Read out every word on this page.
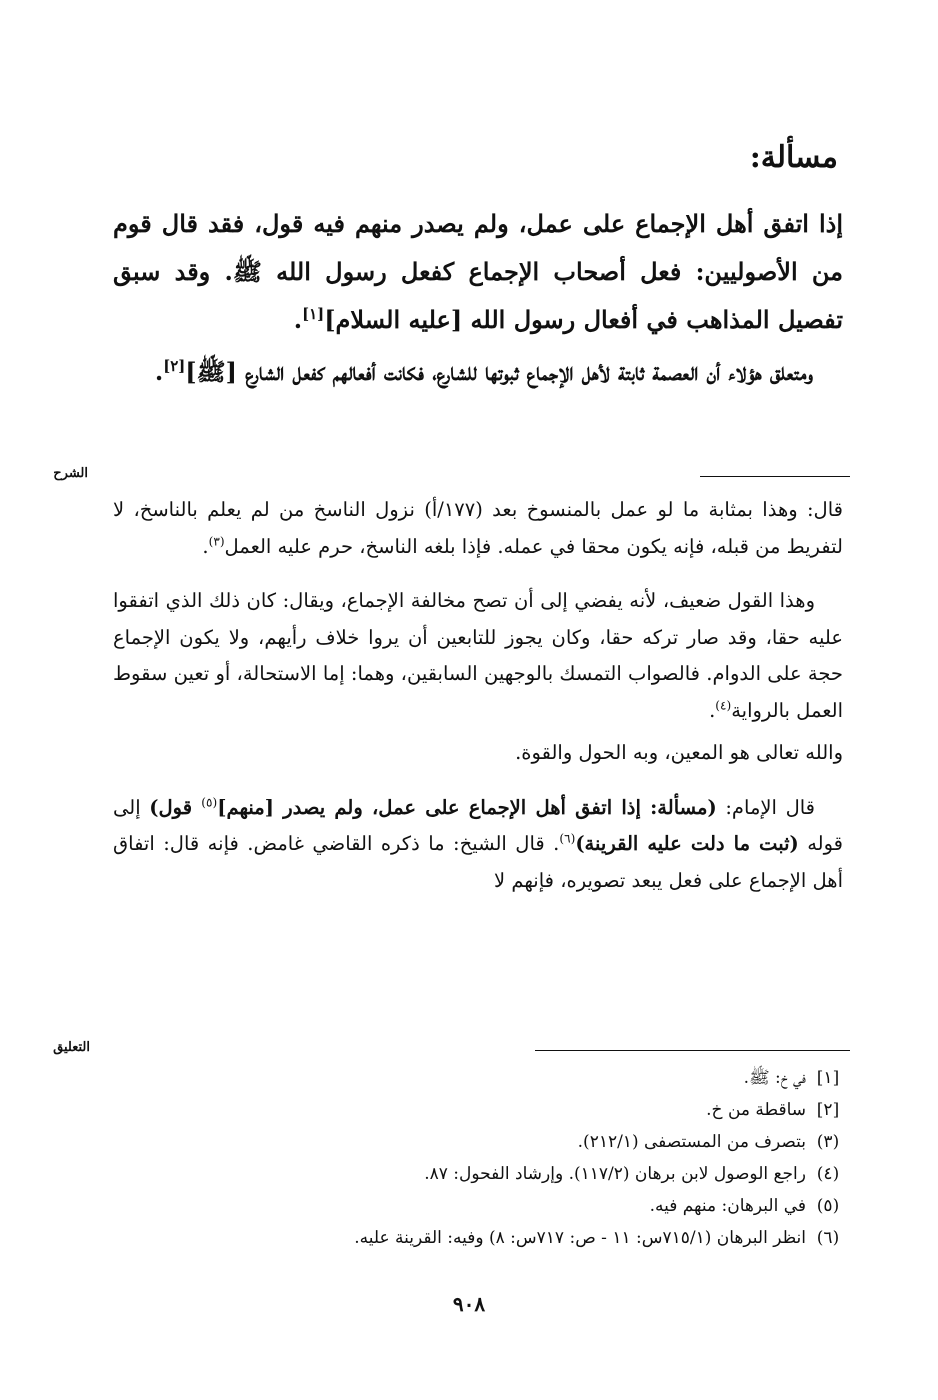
مسألة:

إذا اتفق أهل الإجماع على عمل، ولم يصدر منهم فيه قول، فقد قال قوم من الأصوليين: فعل أصحاب الإجماع كفعل رسول الله ﷺ. وقد سبق تفصيل المذاهب في أفعال رسول الله [عليه السلام][١].

ومتعلق هؤلاء أن العصمة ثابتة لأهل الإجماع ثبوتها للشارع، فكانت أفعالهم كفعل الشارع [ﷺ][٢].

الشرح

قال: وهذا بمثابة ما لو عمل بالمنسوخ بعد (١٧٧/أ) نزول الناسخ من لم يعلم بالناسخ، لا لتفريط من قبله، فإنه يكون محقا في عمله. فإذا بلغه الناسخ، حرم عليه العمل$^{(٣)}$.

وهذا القول ضعيف، لأنه يفضي إلى أن تصح مخالفة الإجماع، ويقال: كان ذلك الذي اتفقوا عليه حقا، وقد صار تركه حقا، وكان يجوز للتابعين أن يروا خلاف رأيهم، ولا يكون الإجماع حجة على الدوام. فالصواب التمسك بالوجهين السابقين، وهما: إما الاستحالة، أو تعين سقوط العمل بالرواية$^{(٤)}$.

والله تعالى هو المعين، وبه الحول والقوة.

قال الإمام: (مسألة: إذا اتفق أهل الإجماع على عمل، ولم يصدر [منهم]$^{(٥)}$ قول) إلى قوله (ثبت ما دلت عليه القرينة)$^{(٦)}$. قال الشيخ: ما ذكره القاضي غامض. فإنه قال: اتفاق أهل الإجماع على فعل يبعد تصويره، فإنهم لا

التعليق
[١]
في خ: ﷺ.
[٢]
ساقطة من خ.
(٣)
بتصرف من المستصفى (٢١٢/١).
(٤)
راجع الوصول لابن برهان (١١٧/٢). وإرشاد الفحول: ٨٧.
(٥)
في البرهان: منهم فيه.
(٦)
انظر البرهان (٧١٥/١س: ١١ - ص: ٧١٧س: ٨) وفيه: القرينة عليه.
٩٠٨
